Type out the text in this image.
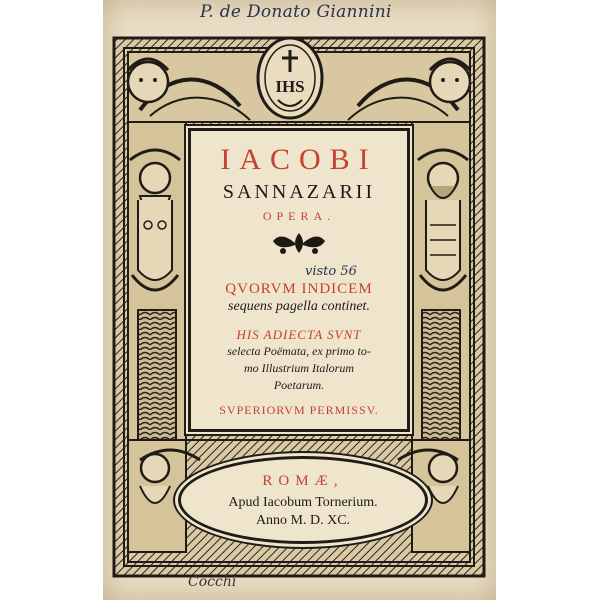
P. de Donato Giannini
IHS
IACOBI
SANNAZARII
OPERA.
QVORVM INDICEM
sequens pagella continet.
HIS ADIECTA SVNT
selecta Poëmata, ex primo to-
mo Illustrium Italorum
Poetarum.
SVPERIORVM PERMISSV.
visto 56
ROMÆ,
Apud Iacobum Tornerium.
Anno M. D. XC.
Cocchi
